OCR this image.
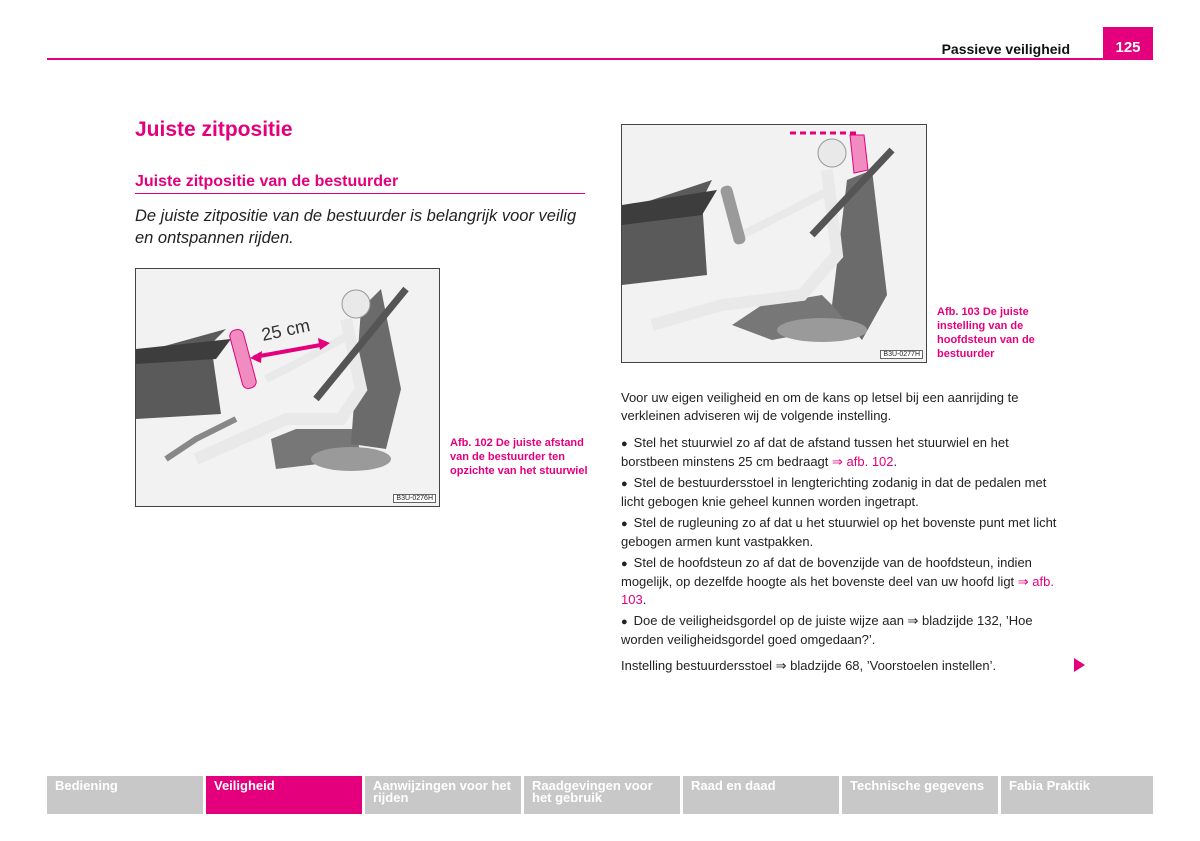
Passieve veiligheid	125
Juiste zitpositie
Juiste zitpositie van de bestuurder
De juiste zitpositie van de bestuurder is belangrijk voor veilig en ontspannen rijden.
25 cm
B3U-0276H
Afb. 102 De juiste afstand van de bestuurder ten opzichte van het stuurwiel
B3U-0277H
Afb. 103 De juiste instelling van de hoofdsteun van de bestuurder
Voor uw eigen veiligheid en om de kans op letsel bij een aanrijding te verkleinen adviseren wij de volgende instelling.
● Stel het stuurwiel zo af dat de afstand tussen het stuurwiel en het borstbeen minstens 25 cm bedraagt ⇒ afb. 102.
● Stel de bestuurdersstoel in lengterichting zodanig in dat de pedalen met licht gebogen knie geheel kunnen worden ingetrapt.
● Stel de rugleuning zo af dat u het stuurwiel op het bovenste punt met licht gebogen armen kunt vastpakken.
● Stel de hoofdsteun zo af dat de bovenzijde van de hoofdsteun, indien mogelijk, op dezelfde hoogte als het bovenste deel van uw hoofd ligt ⇒ afb. 103.
● Doe de veiligheidsgordel op de juiste wijze aan ⇒ bladzijde 132, ’Hoe worden veiligheidsgordel goed omgedaan?’.
Instelling bestuurdersstoel ⇒ bladzijde 68, ’Voorstoelen instellen’.
Bediening	Veiligheid	Aanwijzingen voor het rijden
Raadgevingen voor het gebruik
Raad en daad	Technische gegevens	Fabia Praktik
